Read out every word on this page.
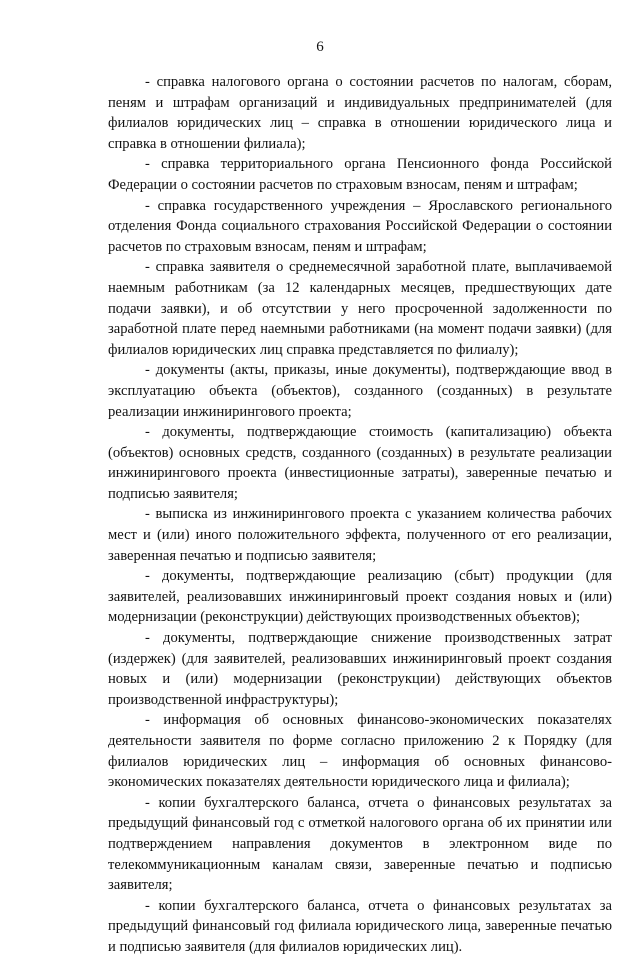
6

- справка налогового органа о состоянии расчетов по налогам, сборам, пеням и штрафам организаций и индивидуальных предпринимателей (для филиалов юридических лиц – справка в отношении юридического лица и справка в отношении филиала);

- справка территориального органа Пенсионного фонда Российской Федерации о состоянии расчетов по страховым взносам, пеням и штрафам;

- справка государственного учреждения – Ярославского регионального отделения Фонда социального страхования Российской Федерации о состоянии расчетов по страховым взносам, пеням и штрафам;

- справка заявителя о среднемесячной заработной плате, выплачиваемой наемным работникам (за 12 календарных месяцев, предшествующих дате подачи заявки), и об отсутствии у него просроченной задолженности по заработной плате перед наемными работниками (на момент подачи заявки) (для филиалов юридических лиц справка представляется по филиалу);

- документы (акты, приказы, иные документы), подтверждающие ввод в эксплуатацию объекта (объектов), созданного (созданных) в результате реализации инжинирингового проекта;

- документы, подтверждающие стоимость (капитализацию) объекта (объектов) основных средств, созданного (созданных) в результате реализации инжинирингового проекта (инвестиционные затраты), заверенные печатью и подписью заявителя;

- выписка из инжинирингового проекта с указанием количества рабочих мест и (или) иного положительного эффекта, полученного от его реализации, заверенная печатью и подписью заявителя;

- документы, подтверждающие реализацию (сбыт) продукции (для заявителей, реализовавших инжиниринговый проект создания новых и (или) модернизации (реконструкции) действующих производственных объектов);

- документы, подтверждающие снижение производственных затрат (издержек) (для заявителей, реализовавших инжиниринговый проект создания новых и (или) модернизации (реконструкции) действующих объектов производственной инфраструктуры);

- информация об основных финансово-экономических показателях деятельности заявителя по форме согласно приложению 2 к Порядку (для филиалов юридических лиц – информация об основных финансово-экономических показателях деятельности юридического лица и филиала);

- копии бухгалтерского баланса, отчета о финансовых результатах за предыдущий финансовый год с отметкой налогового органа об их принятии или подтверждением направления документов в электронном виде по телекоммуникационным каналам связи, заверенные печатью и подписью заявителя;

- копии бухгалтерского баланса, отчета о финансовых результатах за предыдущий финансовый год филиала юридического лица, заверенные печатью и подписью заявителя (для филиалов юридических лиц).
